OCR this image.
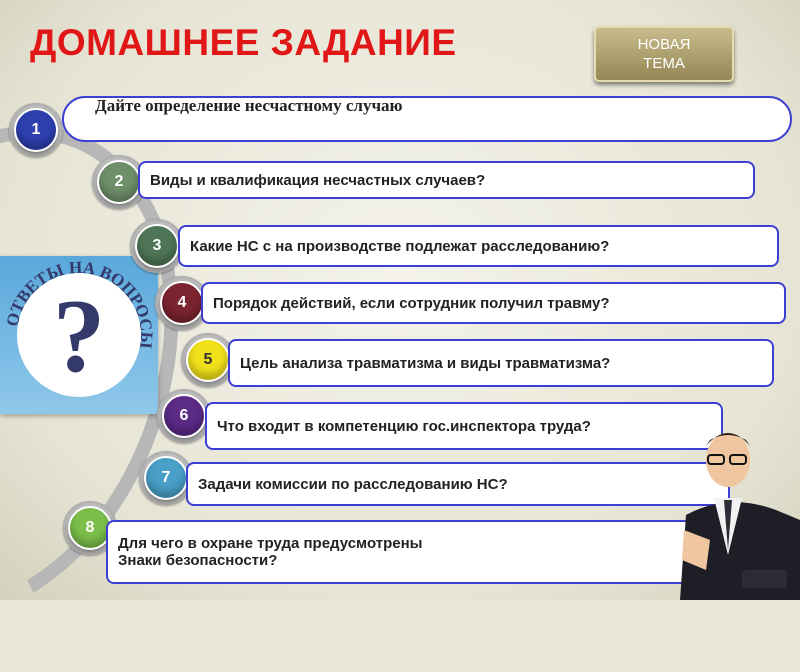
ДОМАШНЕЕ ЗАДАНИЕ	НОВАЯ
ТЕМА
?
ОТВЕТЫ НА ВОПРОСЫ
1
Дайте определение несчастному случаю
2	Виды и квалификация несчастных случаев?
3	Какие НС с на производстве подлежат расследованию?
4	Порядок действий, если сотрудник получил травму?
5	Цель анализа травматизма и виды травматизма?
6
Что входит в компетенцию гос.инспектора труда?
7	Задачи комиссии по расследованию НС?
8
Для чего в охране труда предусмотрены
Знаки безопасности?
